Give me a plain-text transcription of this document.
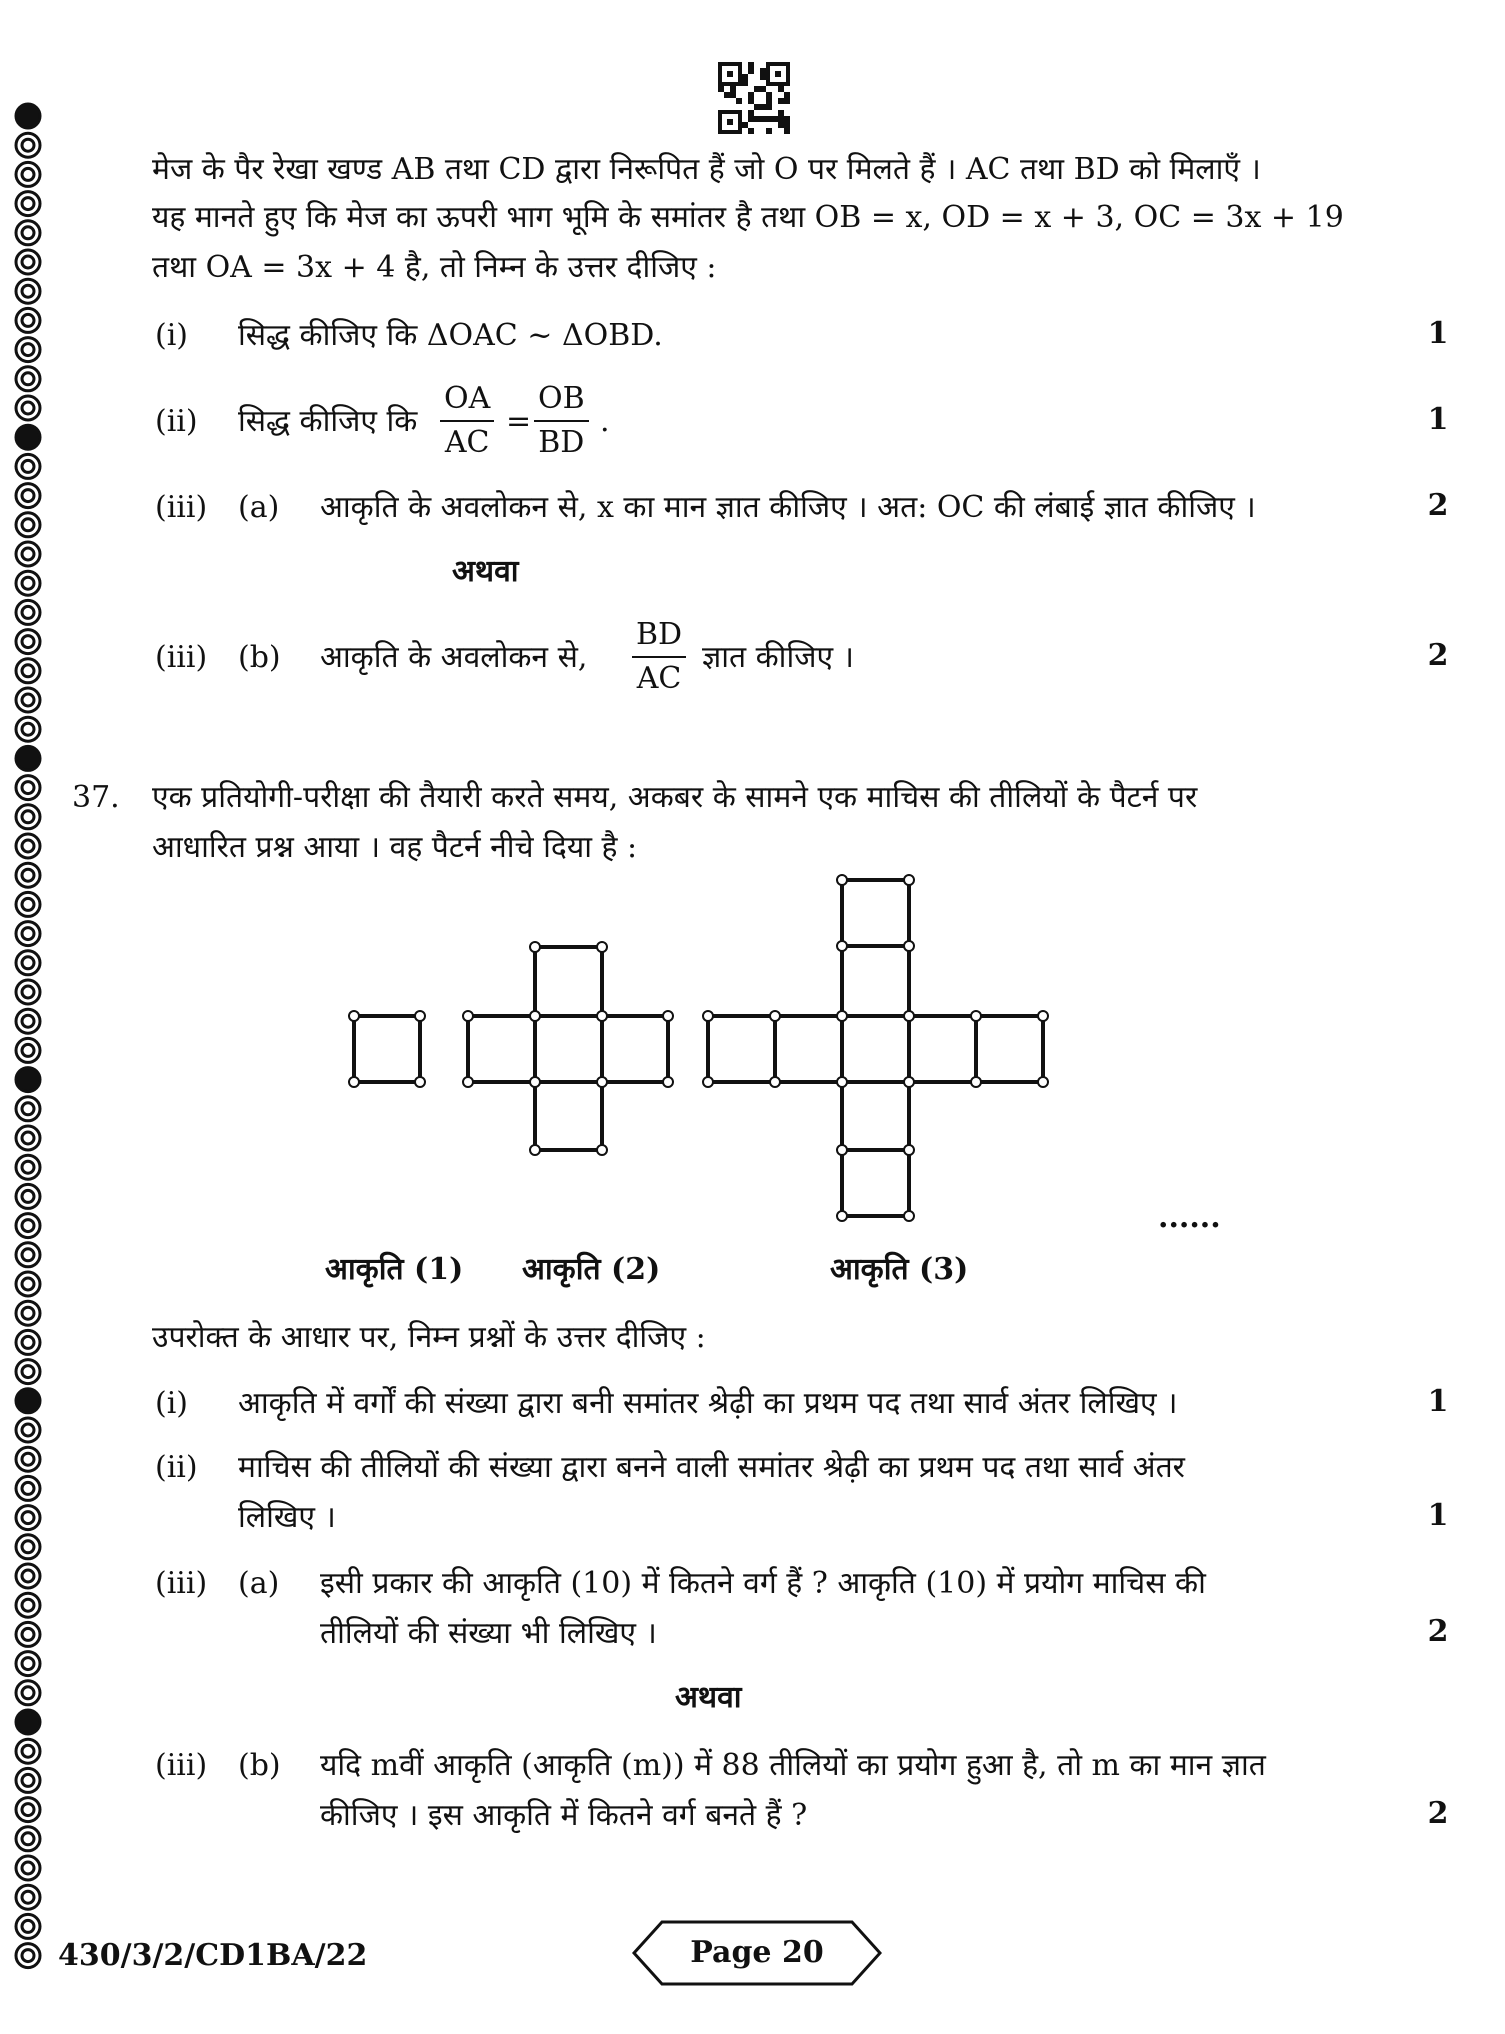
मेज के पैर रेखा खण्ड AB तथा CD द्वारा निरूपित हैं जो O पर मिलते हैं । AC तथा BD को मिलाएँ ।
यह मानते हुए कि मेज का ऊपरी भाग भूमि के समांतर है तथा OB = x, OD = x + 3, OC = 3x + 19
तथा OA = 3x + 4 है, तो निम्न के उत्तर दीजिए :
(i) सिद्ध कीजिए कि ΔOAC ~ ΔOBD.	1
(ii) सिद्ध कीजिए कि $\frac{OA}{AC} = \frac{OB}{BD}$ .	1
(iii) (a) आकृति के अवलोकन से, x का मान ज्ञात कीजिए । अत: OC की लंबाई ज्ञात कीजिए ।	2
अथवा
(iii) (b) आकृति के अवलोकन से, $\frac{BD}{AC}$ ज्ञात कीजिए ।	2
37. एक प्रतियोगी-परीक्षा की तैयारी करते समय, अकबर के सामने एक माचिस की तीलियों के पैटर्न पर
आधारित प्रश्न आया । वह पैटर्न नीचे दिया है :
......
आकृति (1) आकृति (2)	आकृति (3)
उपरोक्त के आधार पर, निम्न प्रश्नों के उत्तर दीजिए :
(i) आकृति में वर्गों की संख्या द्वारा बनी समांतर श्रेढ़ी का प्रथम पद तथा सार्व अंतर लिखिए ।	1
(ii) माचिस की तीलियों की संख्या द्वारा बनने वाली समांतर श्रेढ़ी का प्रथम पद तथा सार्व अंतर
लिखिए ।	1
(iii) (a) इसी प्रकार की आकृति (10) में कितने वर्ग हैं ? आकृति (10) में प्रयोग माचिस की
तीलियों की संख्या भी लिखिए ।	2
अथवा
(iii) (b) यदि mवीं आकृति (आकृति (m)) में 88 तीलियों का प्रयोग हुआ है, तो m का मान ज्ञात
कीजिए । इस आकृति में कितने वर्ग बनते हैं ?	2
430/3/2/CD1BA/22	Page 20
